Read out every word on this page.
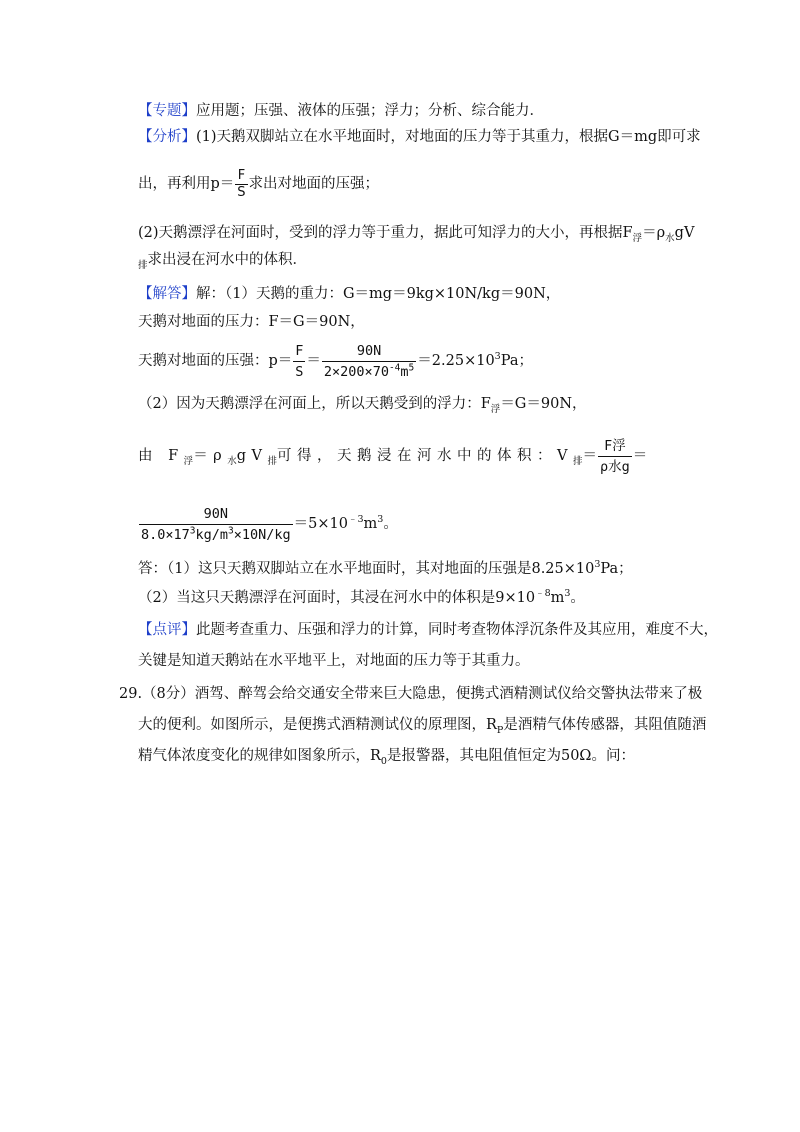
【专题】应用题；压强、液体的压强；浮力；分析、综合能力．
【分析】(1)天鹅双脚站立在水平地面时，对地面的压力等于其重力，根据G＝mg即可求
出，再利用$p= \frac{F}{S}$ 求出对地面的压强；
(2)天鹅漂浮在河面时，受到的浮力等于重力，据此可知浮力的大小，再根据$F_浮=\rho_水gV$
$_排$求出浸在河水中的体积．
【解答】解：（1）天鹅的重力：G＝mg＝9kg×10N/kg＝90N，
天鹅对地面的压力：F＝G＝90N，
天鹅对地面的压强：$p= \frac{F}{S} = \frac{90N}{2\times 200\times 70^{-4}m^5} =2.25\times 10^3Pa$；
（2）因为天鹅漂浮在河面上，所以天鹅受到的浮力：$F_浮=G=90N$，
由 $F_浮=\rho_水gV_排$可得，天鹅浸在河水中的体积：$V_排= \frac{\text{F浮}}{\text{ρ水g}}$ ＝
$\frac{90N}{8.0\times 17^3kg/m^3\times 10N/kg} =5\times 10^{﹣3}m^3$。
答：（1）这只天鹅双脚站立在水平地面时，其对地面的压强是$8.25\times 10^3Pa$；
（2）当这只天鹅漂浮在河面时，其浸在河水中的体积是$9\times 10^{﹣8}m^3$。
【点评】此题考查重力、压强和浮力的计算，同时考查物体浮沉条件及其应用，难度不大，
关键是知道天鹅站在水平地平上，对地面的压力等于其重力。
29.（8分）酒驾、醉驾会给交通安全带来巨大隐患，便携式酒精测试仪给交警执法带来了极
大的便利。如图所示，是便携式酒精测试仪的原理图，$R_P$是酒精气体传感器，其阻值随酒
精气体浓度变化的规律如图象所示，$R_0$是报警器，其电阻值恒定为50Ω。问：
